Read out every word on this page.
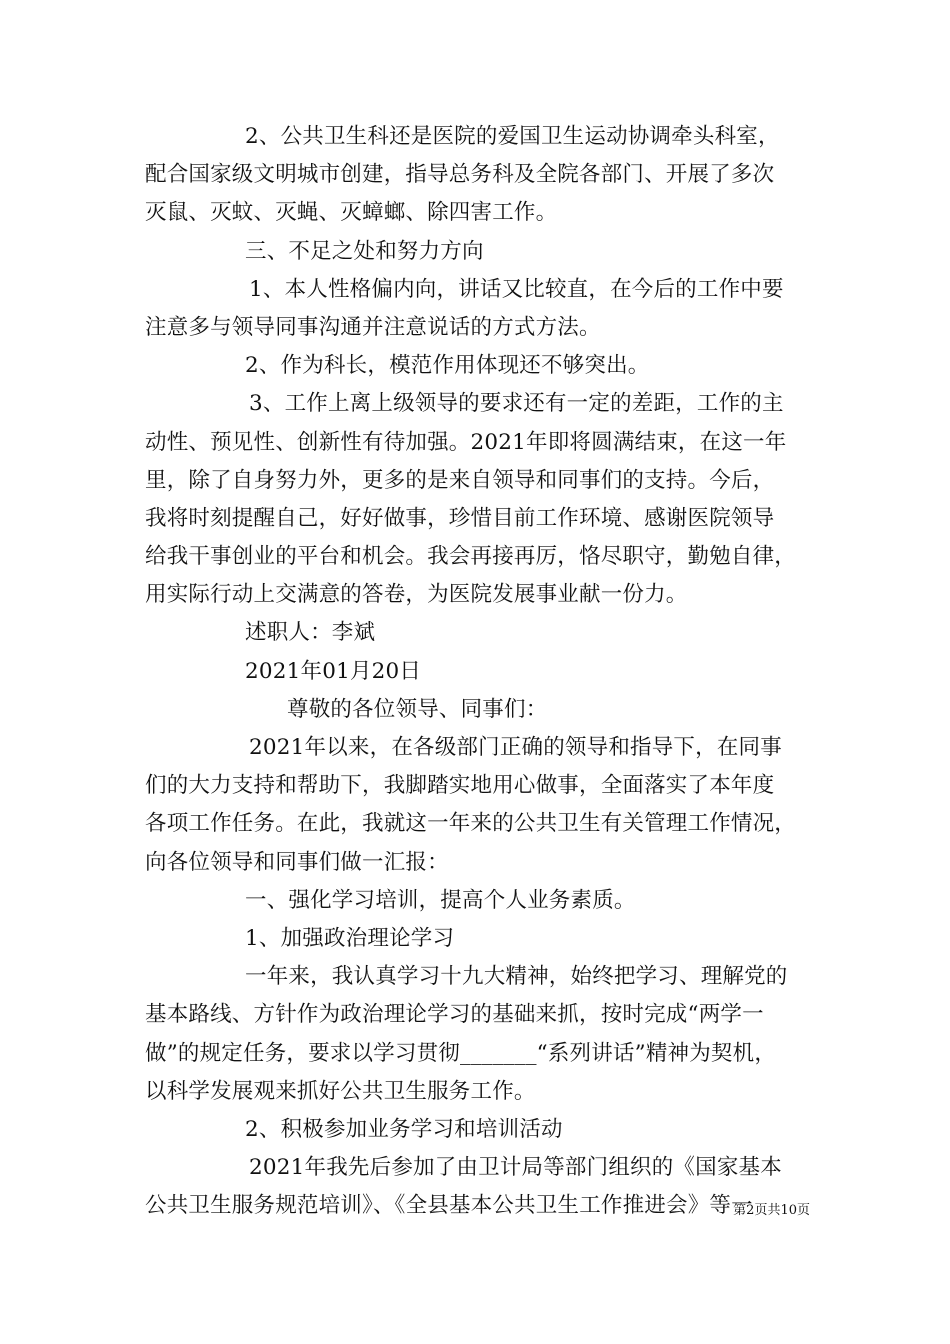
2、公共卫生科还是医院的爱国卫生运动协调牵头科室，
配合国家级文明城市创建，指导总务科及全院各部门、开展了多次
灭鼠、灭蚊、灭蝇、灭蟑螂、除四害工作。
三、不足之处和努力方向
1、本人性格偏内向，讲话又比较直，在今后的工作中要
注意多与领导同事沟通并注意说话的方式方法。
2、作为科长，模范作用体现还不够突出。
3、工作上离上级领导的要求还有一定的差距，工作的主
动性、预见性、创新性有待加强。2021年即将圆满结束，在这一年
里，除了自身努力外，更多的是来自领导和同事们的支持。今后，
我将时刻提醒自己，好好做事，珍惜目前工作环境、感谢医院领导
给我干事创业的平台和机会。我会再接再厉，恪尽职守，勤勉自律，
用实际行动上交满意的答卷，为医院发展事业献一份力。
述职人：李斌
2021年01月20日
尊敬的各位领导、同事们：
2021年以来，在各级部门正确的领导和指导下，在同事
们的大力支持和帮助下，我脚踏实地用心做事，全面落实了本年度
各项工作任务。在此，我就这一年来的公共卫生有关管理工作情况，
向各位领导和同事们做一汇报：
一、强化学习培训，提高个人业务素质。
1、加强政治理论学习
一年来，我认真学习十九大精神，始终把学习、理解党的
基本路线、方针作为政治理论学习的基础来抓，按时完成“两学一
做”的规定任务，要求以学习贯彻_______“系列讲话”精神为契机，
以科学发展观来抓好公共卫生服务工作。
2、积极参加业务学习和培训活动
2021年我先后参加了由卫计局等部门组织的《国家基本
公共卫生服务规范培训》、《全县基本公共卫生工作推进会》等一
第2页共10页
